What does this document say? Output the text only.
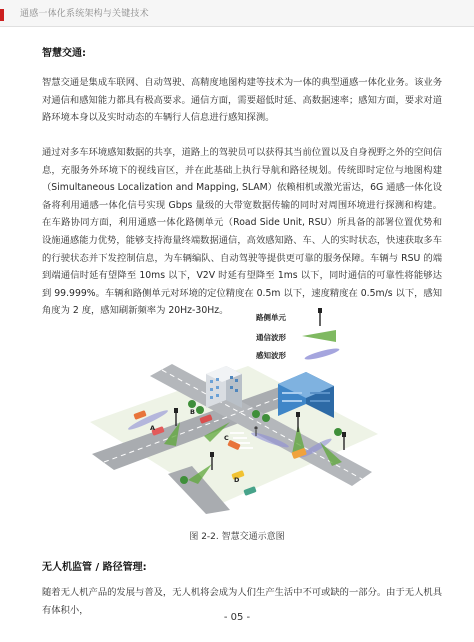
通感一体化系统架构与关键技术

智慧交通:

智慧交通是集成车联网、自动驾驶、高精度地图构建等技术为一体的典型通感一体化业务。该业务对通信和感知能力都具有极高要求。通信方面，需要超低时延、高数据速率；感知方面，要求对道路环境本身以及实时动态的车辆行人信息进行感知探测。

通过对多车环境感知数据的共享，道路上的驾驶员可以获得其当前位置以及自身视野之外的空间信息，充服务外环境下的视线盲区，并在此基础上执行导航和路径规划。传统即时定位与地图构建（Simultaneous Localization and Mapping, SLAM）依赖相机或激光雷达，6G 通感一体化设备将利用通感一体化信号实现 Gbps 量级的大带宽数据传输的同时对周围环境进行探测和构建。在车路协同方面，利用通感一体化路侧单元（Road Side Unit, RSU）所具备的部署位置优势和设施通感能力优势，能够支持海量终端数据通信，高效感知路、车、人的实时状态，快速获取多车的行驶状态并下发控制信息，为车辆编队、自动驾驶等提供更可靠的服务保障。车辆与 RSU 的端到端通信时延有望降至 10ms 以下，V2V 时延有望降至 1ms 以下，同时通信的可靠性将能够达到 99.999%。车辆和路侧单元对环境的定位精度在 0.5m 以下，速度精度在 0.5m/s 以下，感知角度为 2 度，感知刷新频率为 20Hz-30Hz。

A
B
C
D
路侧单元
通信波形
感知波形
图 2-2. 智慧交通示意图

无人机监管 / 路径管理:

随着无人机产品的发展与普及，无人机将会成为人们生产生活中不可或缺的一部分。由于无人机具有体积小，

- 05 -
